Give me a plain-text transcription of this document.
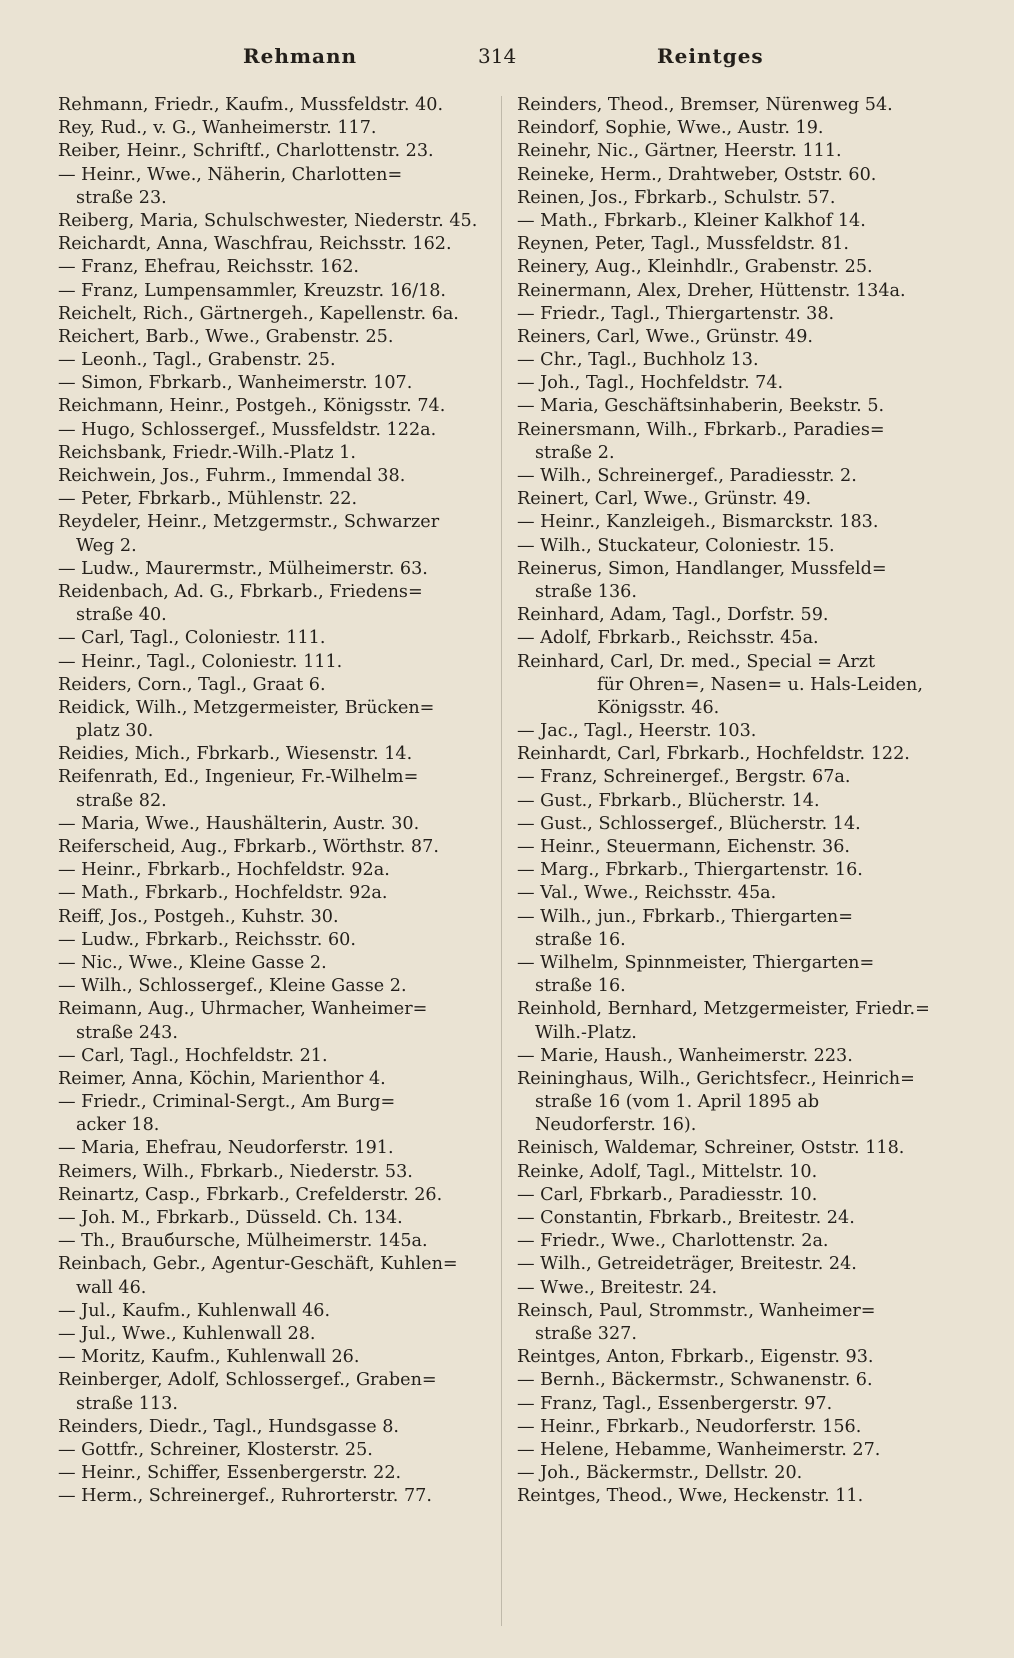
Rehmann	314	Reintges
Rehmann, Friedr., Kaufm., Mussfeldstr. 40.
Rey, Rud., v. G., Wanheimerstr. 117.
Reiber, Heinr., Schriftf., Charlottenstr. 23.
— Heinr., Wwe., Näherin, Charlotten=
straße 23.
Reiberg, Maria, Schulschwester, Niederstr. 45.
Reichardt, Anna, Waschfrau, Reichsstr. 162.
— Franz, Ehefrau, Reichsstr. 162.
— Franz, Lumpensammler, Kreuzstr. 16/18.
Reichelt, Rich., Gärtnergeh., Kapellenstr. 6a.
Reichert, Barb., Wwe., Grabenstr. 25.
— Leonh., Tagl., Grabenstr. 25.
— Simon, Fbrkarb., Wanheimerstr. 107.
Reichmann, Heinr., Postgeh., Königsstr. 74.
— Hugo, Schlossergef., Mussfeldstr. 122a.
Reichsbank, Friedr.-Wilh.-Platz 1.
Reichwein, Jos., Fuhrm., Immendal 38.
— Peter, Fbrkarb., Mühlenstr. 22.
Reydeler, Heinr., Metzgermstr., Schwarzer
Weg 2.
— Ludw., Maurermstr., Mülheimerstr. 63.
Reidenbach, Ad. G., Fbrkarb., Friedens=
straße 40.
— Carl, Tagl., Coloniestr. 111.
— Heinr., Tagl., Coloniestr. 111.
Reiders, Corn., Tagl., Graat 6.
Reidick, Wilh., Metzgermeister, Brücken=
platz 30.
Reidies, Mich., Fbrkarb., Wiesenstr. 14.
Reifenrath, Ed., Ingenieur, Fr.-Wilhelm=
straße 82.
— Maria, Wwe., Haushälterin, Austr. 30.
Reiferscheid, Aug., Fbrkarb., Wörthstr. 87.
— Heinr., Fbrkarb., Hochfeldstr. 92a.
— Math., Fbrkarb., Hochfeldstr. 92a.
Reiff, Jos., Postgeh., Kuhstr. 30.
— Ludw., Fbrkarb., Reichsstr. 60.
— Nic., Wwe., Kleine Gasse 2.
— Wilh., Schlossergef., Kleine Gasse 2.
Reimann, Aug., Uhrmacher, Wanheimer=
straße 243.
— Carl, Tagl., Hochfeldstr. 21.
Reimer, Anna, Köchin, Marienthor 4.
— Friedr., Criminal-Sergt., Am Burg=
acker 18.
— Maria, Ehefrau, Neudorferstr. 191.
Reimers, Wilh., Fbrkarb., Niederstr. 53.
Reinartz, Casp., Fbrkarb., Crefelderstr. 26.
— Joh. M., Fbrkarb., Düsseld. Ch. 134.
— Th., Brauбursche, Mülheimerstr. 145a.
Reinbach, Gebr., Agentur-Geschäft, Kuhlen=
wall 46.
— Jul., Kaufm., Kuhlenwall 46.
— Jul., Wwe., Kuhlenwall 28.
— Moritz, Kaufm., Kuhlenwall 26.
Reinberger, Adolf, Schlossergef., Graben=
straße 113.
Reinders, Diedr., Tagl., Hundsgasse 8.
— Gottfr., Schreiner, Klosterstr. 25.
— Heinr., Schiffer, Essenbergerstr. 22.
— Herm., Schreinergef., Ruhrorterstr. 77.
Reinders, Theod., Bremser, Nürenweg 54.
Reindorf, Sophie, Wwe., Austr. 19.
Reinehr, Nic., Gärtner, Heerstr. 111.
Reineke, Herm., Drahtweber, Oststr. 60.
Reinen, Jos., Fbrkarb., Schulstr. 57.
— Math., Fbrkarb., Kleiner Kalkhof 14.
Reynen, Peter, Tagl., Mussfeldstr. 81.
Reinery, Aug., Kleinhdlr., Grabenstr. 25.
Reinermann, Alex, Dreher, Hüttenstr. 134a.
— Friedr., Tagl., Thiergartenstr. 38.
Reiners, Carl, Wwe., Grünstr. 49.
— Chr., Tagl., Buchholz 13.
— Joh., Tagl., Hochfeldstr. 74.
— Maria, Geschäftsinhaberin, Beekstr. 5.
Reinersmann, Wilh., Fbrkarb., Paradies=
straße 2.
— Wilh., Schreinergef., Paradiesstr. 2.
Reinert, Carl, Wwe., Grünstr. 49.
— Heinr., Kanzleigeh., Bismarckstr. 183.
— Wilh., Stuckateur, Coloniestr. 15.
Reinerus, Simon, Handlanger, Mussfeld=
straße 136.
Reinhard, Adam, Tagl., Dorfstr. 59.
— Adolf, Fbrkarb., Reichsstr. 45a.
Reinhard, Carl, Dr. med., Special = Arzt
für Ohren=, Nasen= u. Hals-Leiden,
Königsstr. 46.
— Jac., Tagl., Heerstr. 103.
Reinhardt, Carl, Fbrkarb., Hochfeldstr. 122.
— Franz, Schreinergef., Bergstr. 67a.
— Gust., Fbrkarb., Blücherstr. 14.
— Gust., Schlossergef., Blücherstr. 14.
— Heinr., Steuermann, Eichenstr. 36.
— Marg., Fbrkarb., Thiergartenstr. 16.
— Val., Wwe., Reichsstr. 45a.
— Wilh., jun., Fbrkarb., Thiergarten=
straße 16.
— Wilhelm, Spinnmeister, Thiergarten=
straße 16.
Reinhold, Bernhard, Metzgermeister, Friedr.=
Wilh.-Platz.
— Marie, Haush., Wanheimerstr. 223.
Reininghaus, Wilh., Gerichtsfecr., Heinrich=
straße 16 (vom 1. April 1895 ab
Neudorferstr. 16).
Reinisch, Waldemar, Schreiner, Oststr. 118.
Reinke, Adolf, Tagl., Mittelstr. 10.
— Carl, Fbrkarb., Paradiesstr. 10.
— Constantin, Fbrkarb., Breitestr. 24.
— Friedr., Wwe., Charlottenstr. 2a.
— Wilh., Getreideträger, Breitestr. 24.
— Wwe., Breitestr. 24.
Reinsch, Paul, Strommstr., Wanheimer=
straße 327.
Reintges, Anton, Fbrkarb., Eigenstr. 93.
— Bernh., Bäckermstr., Schwanenstr. 6.
— Franz, Tagl., Essenbergerstr. 97.
— Heinr., Fbrkarb., Neudorferstr. 156.
— Helene, Hebamme, Wanheimerstr. 27.
— Joh., Bäckermstr., Dellstr. 20.
Reintges, Theod., Wwe, Heckenstr. 11.
